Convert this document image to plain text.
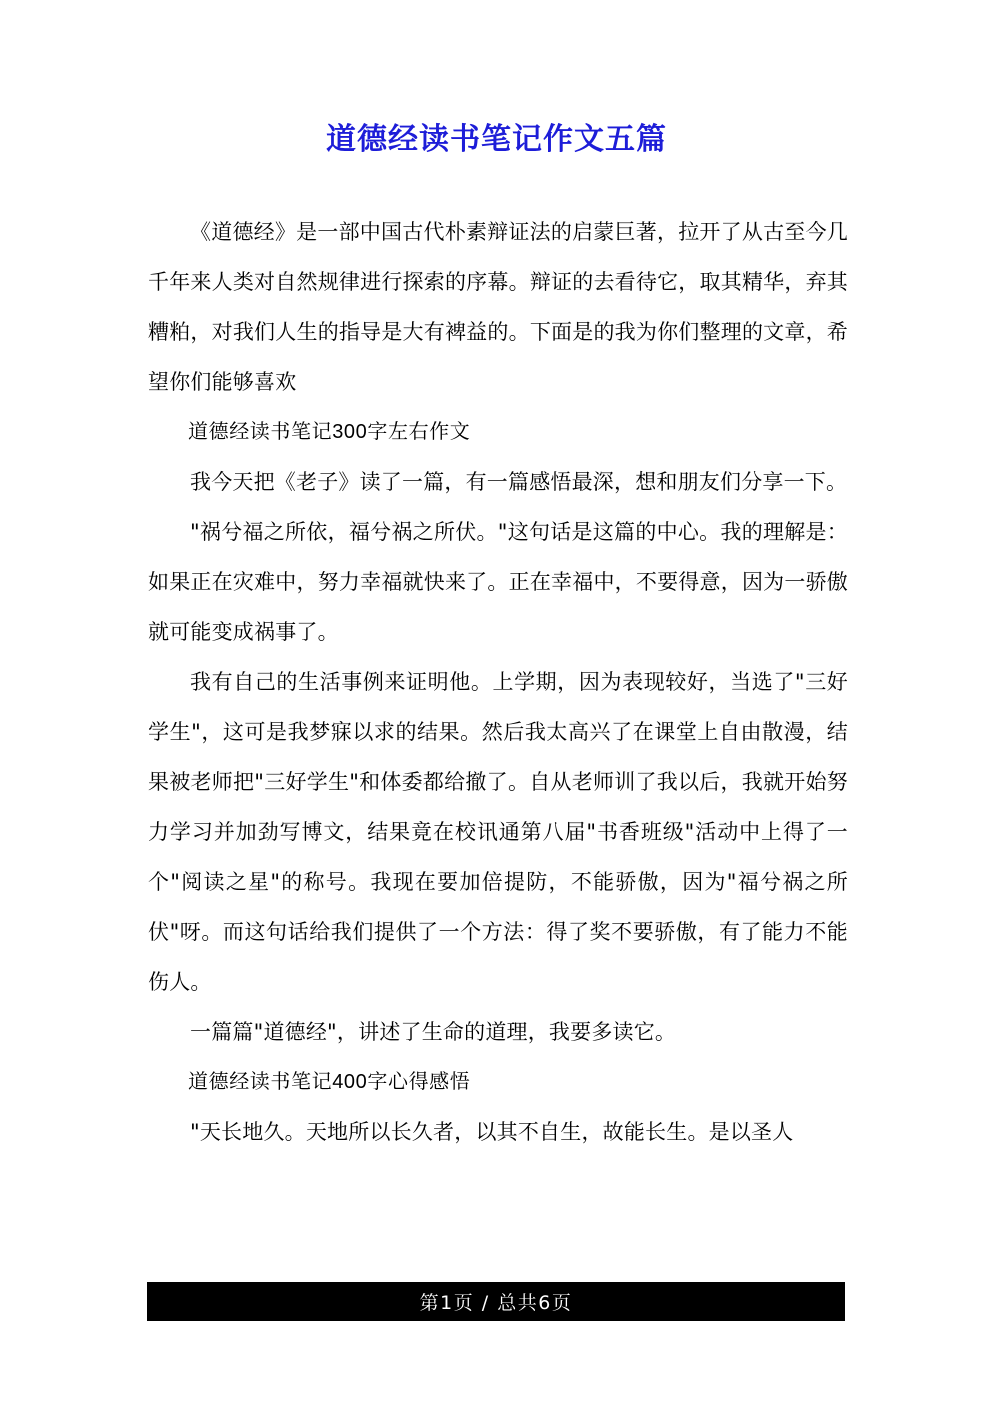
道德经读书笔记作文五篇

《道德经》是一部中国古代朴素辩证法的启蒙巨著，拉开了从古至今几千年来人类对自然规律进行探索的序幕。辩证的去看待它，取其精华，弃其糟粕，对我们人生的指导是大有裨益的。下面是的我为你们整理的文章，希望你们能够喜欢

道德经读书笔记300字左右作文

我今天把《老子》读了一篇，有一篇感悟最深，想和朋友们分享一下。

"祸兮福之所依，福兮祸之所伏。"这句话是这篇的中心。我的理解是：如果正在灾难中，努力幸福就快来了。正在幸福中，不要得意，因为一骄傲就可能变成祸事了。

我有自己的生活事例来证明他。上学期，因为表现较好，当选了"三好学生"，这可是我梦寐以求的结果。然后我太高兴了在课堂上自由散漫，结果被老师把"三好学生"和体委都给撤了。自从老师训了我以后，我就开始努力学习并加劲写博文，结果竟在校讯通第八届"书香班级"活动中上得了一个"阅读之星"的称号。我现在要加倍提防，不能骄傲，因为"福兮祸之所伏"呀。而这句话给我们提供了一个方法：得了奖不要骄傲，有了能力不能伤人。

一篇篇"道德经"，讲述了生命的道理，我要多读它。

道德经读书笔记400字心得感悟

"天长地久。天地所以长久者，以其不自生，故能长生。是以圣人

第1页 / 总共6页
